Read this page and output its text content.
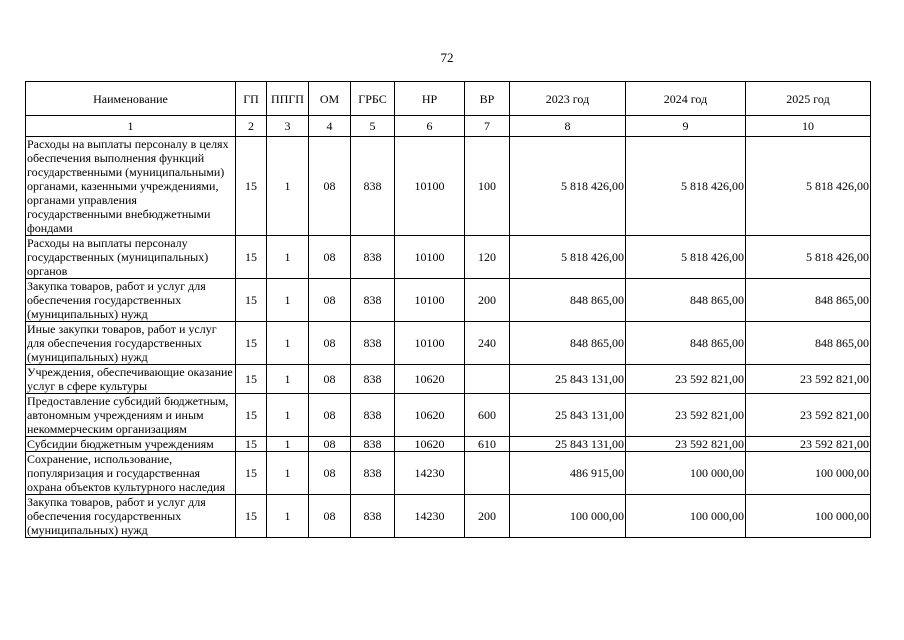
72
Наименование	ГП	ППГП	ОМ	ГРБС	НР	ВР	2023 год	2024 год	2025 год
1	2	3	4	5	6	7	8	9	10
Расходы на выплаты персоналу в целях обеспечения выполнения функций государственными (муниципальными) органами, казенными учреждениями, органами управления государственными внебюджетными фондами	15	1	08	838	10100	100	5 818 426,00	5 818 426,00	5 818 426,00
Расходы на выплаты персоналу государственных (муниципальных) органов	15	1	08	838	10100	120	5 818 426,00	5 818 426,00	5 818 426,00
Закупка товаров, работ и услуг для обеспечения государственных (муниципальных) нужд	15	1	08	838	10100	200	848 865,00	848 865,00	848 865,00
Иные закупки товаров, работ и услуг для обеспечения государственных (муниципальных) нужд	15	1	08	838	10100	240	848 865,00	848 865,00	848 865,00
Учреждения, обеспечивающие оказание услуг в сфере культуры	15	1	08	838	10620		25 843 131,00	23 592 821,00	23 592 821,00
Предоставление субсидий бюджетным, автономным учреждениям и иным некоммерческим организациям	15	1	08	838	10620	600	25 843 131,00	23 592 821,00	23 592 821,00
Субсидии бюджетным учреждениям	15	1	08	838	10620	610	25 843 131,00	23 592 821,00	23 592 821,00
Сохранение, использование, популяризация и государственная охрана объектов культурного наследия	15	1	08	838	14230		486 915,00	100 000,00	100 000,00
Закупка товаров, работ и услуг для обеспечения государственных (муниципальных) нужд	15	1	08	838	14230	200	100 000,00	100 000,00	100 000,00
